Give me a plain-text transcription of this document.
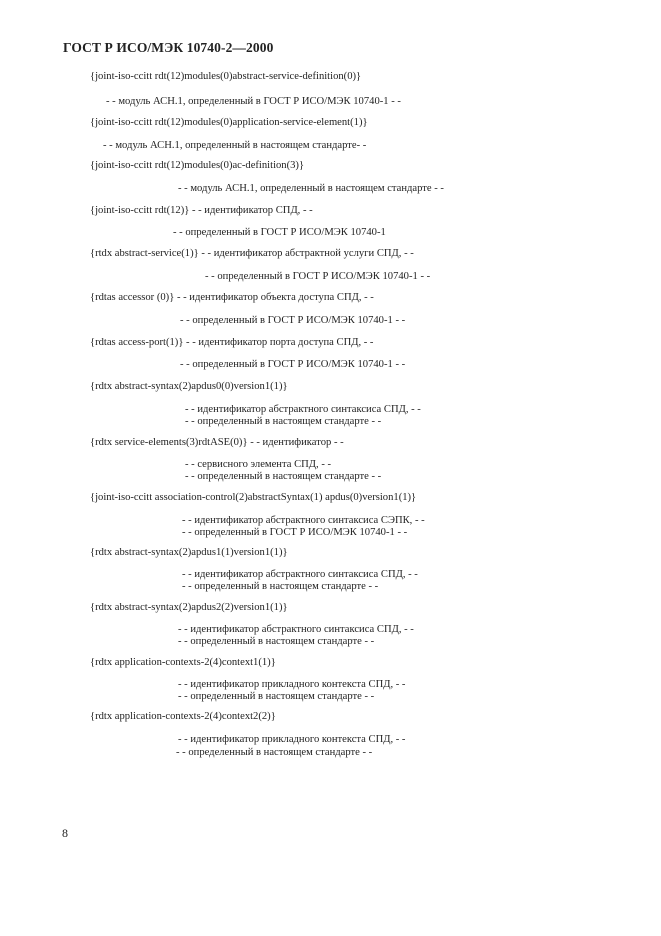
ГОСТ Р ИСО/МЭК 10740-2—2000
{joint-iso-ccitt rdt(12)modules(0)abstract-service-definition(0)}
- - модуль АСН.1, определенный в ГОСТ Р ИСО/МЭК 10740-1 - -
{joint-iso-ccitt rdt(12)modules(0)application-service-element(1)}
- - модуль АСН.1, определенный в настоящем стандарте- -
{joint-iso-ccitt rdt(12)modules(0)ac-definition(3)}
- - модуль АСН.1, определенный в настоящем стандарте - -
{joint-iso-ccitt rdt(12)} - - идентификатор СПД, - -
- - определенный в ГОСТ Р ИСО/МЭК 10740-1
{rtdx abstract-service(1)} - - идентификатор абстрактной услуги СПД, - -
- - определенный в ГОСТ Р ИСО/МЭК 10740-1 - -
{rdtas accessor (0)} - - идентификатор объекта доступа СПД, - -
- - определенный в ГОСТ Р ИСО/МЭК 10740-1 - -
{rdtas access-port(1)} - - идентификатор порта доступа СПД, - -
- - определенный в ГОСТ Р ИСО/МЭК 10740-1 - -
{rdtx abstract-syntax(2)apdus0(0)version1(1)}
- - идентификатор абстрактного синтаксиса СПД, - -
- - определенный в настоящем стандарте - -
{rdtx service-elements(3)rdtASE(0)} - - идентификатор - -
- - сервисного элемента СПД, - -
- - определенный в настоящем стандарте - -
{joint-iso-ccitt association-control(2)abstractSyntax(1) apdus(0)version1(1)}
- - идентификатор абстрактного синтаксиса СЭПК, - -
- - определенный в ГОСТ Р ИСО/МЭК 10740-1 - -
{rdtx abstract-syntax(2)apdus1(1)version1(1)}
- - идентификатор абстрактного синтаксиса СПД, - -
- - определенный в настоящем стандарте - -
{rdtx abstract-syntax(2)apdus2(2)version1(1)}
- - идентификатор абстрактного синтаксиса СПД, - -
- - определенный в настоящем стандарте - -
{rdtx application-contexts-2(4)context1(1)}
- - идентификатор прикладного контекста СПД, - -
- - определенный в настоящем стандарте - -
{rdtx application-contexts-2(4)context2(2)}
- - идентификатор прикладного контекста СПД, - -
- - определенный в настоящем стандарте - -
8
